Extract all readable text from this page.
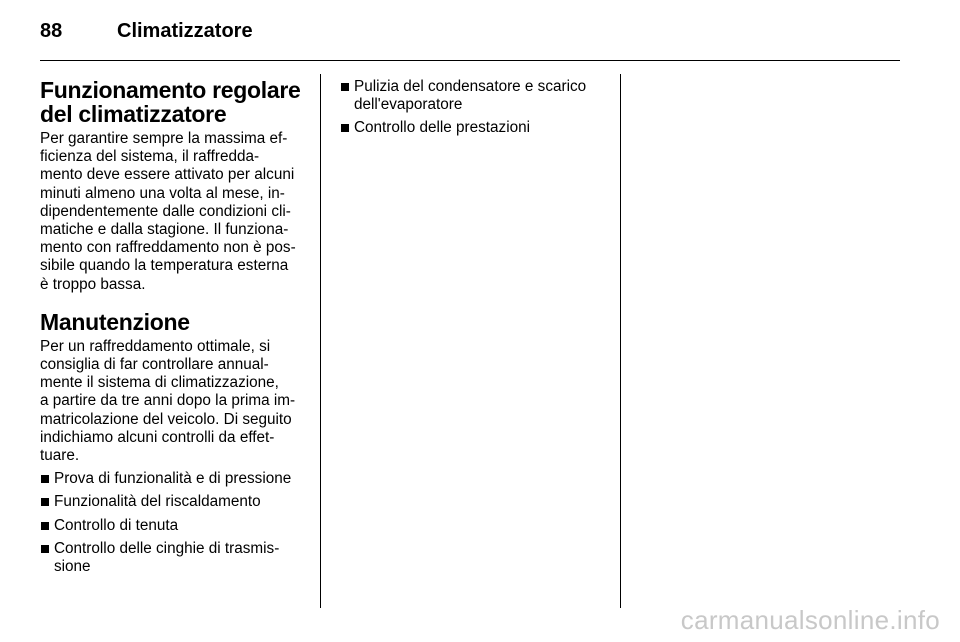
88	Climatizzatore
Funzionamento regolare
del climatizzatore

Per garantire sempre la massima ef-
ficienza del sistema, il raffredda-
mento deve essere attivato per alcuni
minuti almeno una volta al mese, in-
dipendentemente dalle condizioni cli-
matiche e dalla stagione. Il funziona-
mento con raffreddamento non è pos-
sibile quando la temperatura esterna
è troppo bassa.

Manutenzione

Per un raffreddamento ottimale, si
consiglia di far controllare annual-
mente il sistema di climatizzazione,
a partire da tre anni dopo la prima im-
matricolazione del veicolo. Di seguito
indichiamo alcuni controlli da effet-
tuare.

Prova di funzionalità e di pressione
Funzionalità del riscaldamento
Controllo di tenuta
Controllo delle cinghie di trasmis-
sione
Pulizia del condensatore e scarico
dell'evaporatore
Controllo delle prestazioni
carmanualsonline.info
